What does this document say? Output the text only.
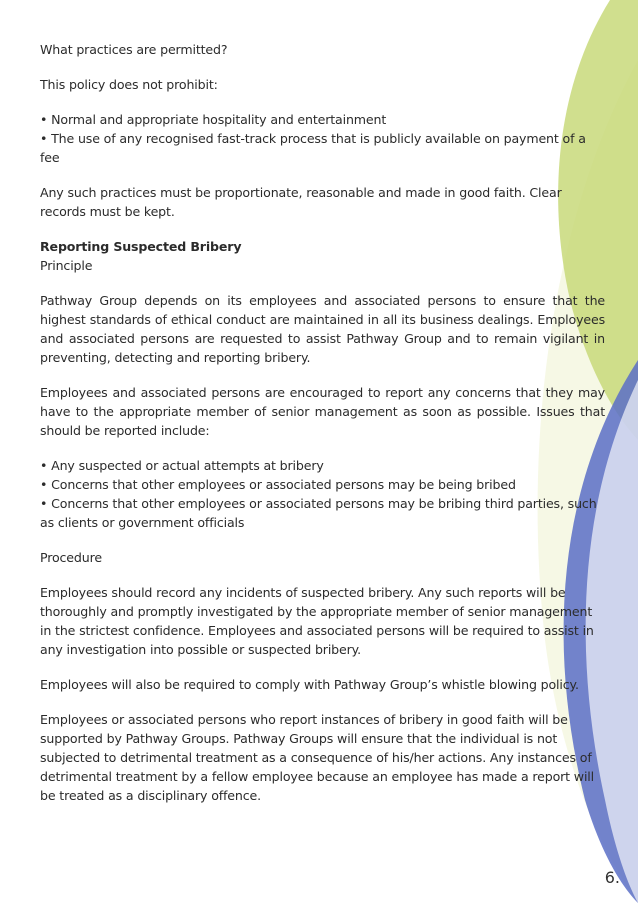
What practices are permitted?

This policy does not prohibit:

• Normal and appropriate hospitality and entertainment

• The use of any recognised fast-track process that is publicly available on payment of a fee

Any such practices must be proportionate, reasonable and made in good faith. Clear records must be kept.

Reporting Suspected Bribery

Principle

Pathway Group depends on its employees and associated persons to ensure that the highest standards of ethical conduct are maintained in all its business dealings. Employees and associated persons are requested to assist Pathway Group and to remain vigilant in preventing, detecting and reporting bribery.

Employees and associated persons are encouraged to report any concerns that they may have to the appropriate member of senior management as soon as possible. Issues that should be reported include:

• Any suspected or actual attempts at bribery

• Concerns that other employees or associated persons may be being bribed

• Concerns that other employees or associated persons may be bribing third parties, such as clients or government officials

Procedure

Employees should record any incidents of suspected bribery. Any such reports will be thoroughly and promptly investigated by the appropriate member of senior management in the strictest confidence. Employees and associated persons will be required to assist in any investigation into possible or suspected bribery.

Employees will also be required to comply with Pathway Group’s whistle blowing policy.

Employees or associated persons who report instances of bribery in good faith will be supported by Pathway Groups. Pathway Groups will ensure that the individual is not subjected to detrimental treatment as a consequence of his/her actions. Any instances of detrimental treatment by a fellow employee because an employee has made a report will be treated as a disciplinary offence.

6.
